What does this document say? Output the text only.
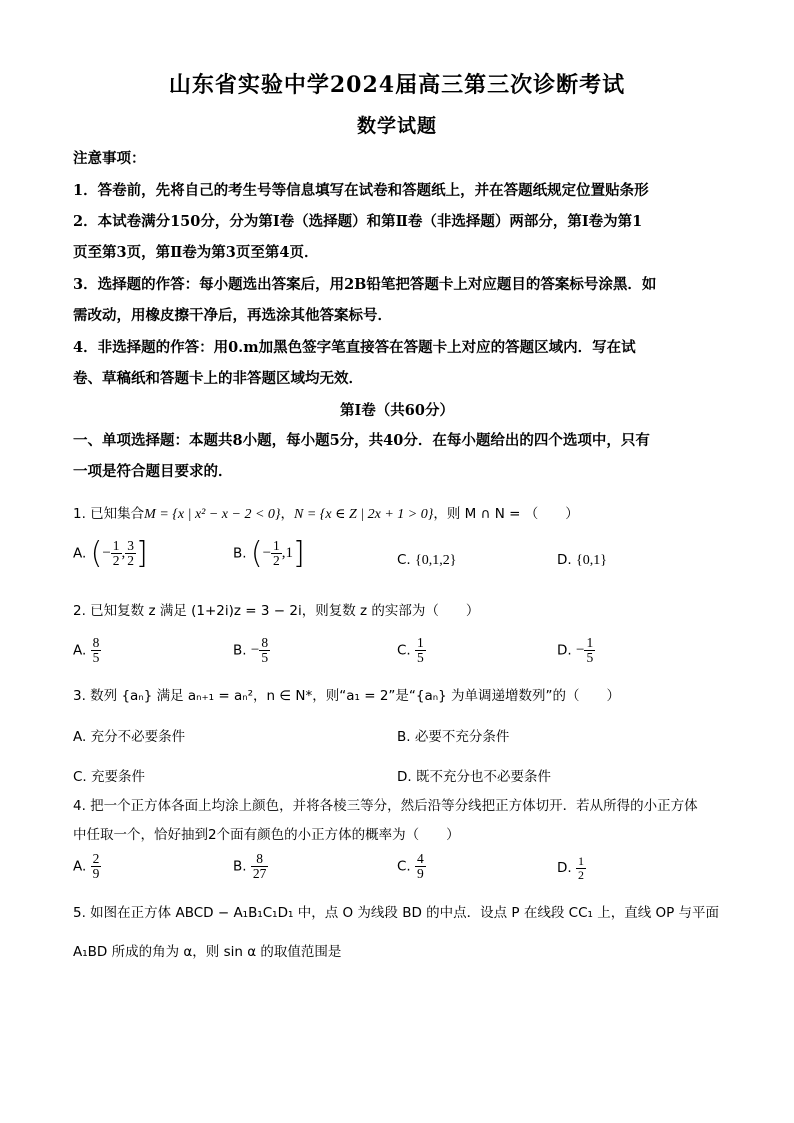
山东省实验中学2024届高三第三次诊断考试
数学试题
注意事项：
1．答卷前，先将自己的考生号等信息填写在试卷和答题纸上，并在答题纸规定位置贴条形
2．本试卷满分150分，分为第Ⅰ卷（选择题）和第Ⅱ卷（非选择题）两部分，第Ⅰ卷为第1
页至第3页，第Ⅱ卷为第3页至第4页．
3．选择题的作答：每小题选出答案后，用2B铅笔把答题卡上对应题目的答案标号涂黑．如
需改动，用橡皮擦干净后，再选涂其他答案标号．
4．非选择题的作答：用0.m加黑色签字笔直接答在答题卡上对应的答题区域内．写在试
卷、草稿纸和答题卡上的非答题区域均无效．
第Ⅰ卷（共60分）
一、单项选择题：本题共8小题，每小题5分，共40分．在每小题给出的四个选项中，只有
一项是符合题目要求的．
1. 已知集合M = {x | x² − x − 2 < 0}，N = {x ∈ Z | 2x + 1 > 0}，则 M ∩ N = （　　）
A. (− $\frac{1}{2}$ , $\frac{3}{2}$ ]	B. (− $\frac{1}{2} ,1$]	C. {0,1,2}	D. {0,1}
2. 已知复数 z 满足 (1+2i)z = 3 − 2i，则复数 z 的实部为（　　）
A. $\frac{8}{5}$	B. − $\frac{8}{5}$	C. $\frac{1}{5}$	D. − $\frac{1}{5}$
3. 数列 {aₙ} 满足 aₙ₊₁ = aₙ²，n ∈ N*，则“a₁ = 2”是“{aₙ} 为单调递增数列”的（　　）
A. 充分不必要条件	B. 必要不充分条件
C. 充要条件	D. 既不充分也不必要条件
4. 把一个正方体各面上均涂上颜色，并将各棱三等分，然后沿等分线把正方体切开．若从所得的小正方体
中任取一个，恰好抽到2个面有颜色的小正方体的概率为（　　）
A. $\frac{2}{9}$	B. $\frac{8}{27}$	C. $\frac{4}{9}$	D. $\frac{1}{2}$
5. 如图在正方体 ABCD − A₁B₁C₁D₁ 中，点 O 为线段 BD 的中点．设点 P 在线段 CC₁ 上，直线 OP 与平面
A₁BD 所成的角为 α，则 sin α 的取值范围是
